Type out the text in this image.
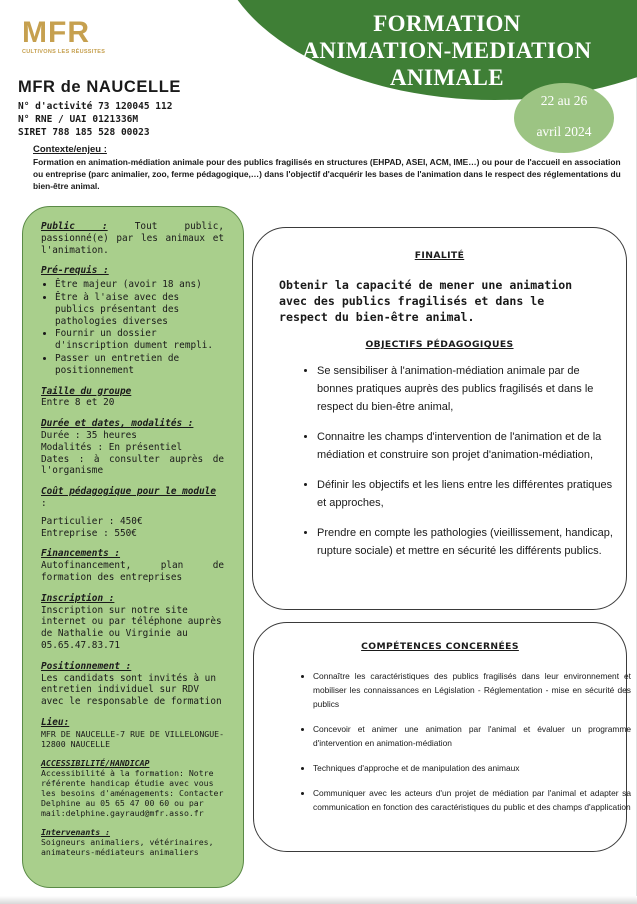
MFR
CULTIVONS LES RÉUSSITES
FORMATION
ANIMATION-MEDIATION
ANIMALE
22 au 26
avril 2024
MFR de NAUCELLE
N° d'activité 73 120045 112
N° RNE / UAI 0121336M
SIRET 788 185 528 00023
Contexte/enjeu :
Formation en animation-médiation animale pour des publics fragilisés en structures (EHPAD, ASEI, ACM, IME…) ou pour de l'accueil en association ou entreprise (parc animalier, zoo, ferme pédagogique,…) dans l'objectif d'acquérir les bases de l'animation dans le respect des réglementations du bien-être animal.
Public :	Tout public, passionné(e) par les animaux et l'animation.
Pré-requis :
• Être majeur (avoir 18 ans)
• Être à l'aise avec des publics présentant des pathologies diverses
• Fournir un dossier d'inscription dument rempli.
• Passer un entretien de positionnement
Taille du groupe
Entre 8 et 20
Durée et dates, modalités :
Durée : 35 heures
Modalités : En présentiel
Dates : à consulter auprès de l'organisme
Coût pédagogique pour le module :
Particulier : 450€
Entreprise : 550€
Financements :
Autofinancement, plan de formation des entreprises
Inscription :
Inscription sur notre site internet ou par téléphone auprès de Nathalie ou Virginie au 05.65.47.83.71
Positionnement :
Les candidats sont invités à un entretien individuel sur RDV avec le responsable de formation
Lieu:
MFR DE NAUCELLE-7 RUE DE VILLELONGUE-12800 NAUCELLE
ACCESSIBILITÉ/HANDICAP
Accessibilité à la formation: Notre référente handicap étudie avec vous les besoins d'aménagements: Contacter Delphine au 05 65 47 00 60 ou par mail:delphine.gayraud@mfr.asso.fr
Intervenants :
Soigneurs animaliers, vétérinaires, animateurs-médiateurs animaliers
FINALITÉ
Obtenir la capacité de mener une animation avec des publics fragilisés et dans le respect du bien-être animal.
OBJECTIFS PÉDAGOGIQUES
• Se sensibiliser à l'animation-médiation animale par de bonnes pratiques auprès des publics fragilisés et dans le respect du bien-être animal,
• Connaitre les champs d'intervention de l'animation et de la médiation et construire son projet d'animation-médiation,
• Définir les objectifs et les liens entre les différentes pratiques et approches,
• Prendre en compte les pathologies (vieillissement, handicap, rupture sociale) et mettre en sécurité les différents publics.
COMPÉTENCES CONCERNÉES
• Connaître les caractéristiques des publics fragilisés dans leur environnement et mobiliser les connaissances en Législation - Réglementation - mise en sécurité des publics
• Concevoir et animer une animation par l'animal et évaluer un programme d'intervention en animation-médiation
• Techniques d'approche et de manipulation des animaux
• Communiquer avec les acteurs d'un projet de médiation par l'animal et adapter sa communication en fonction des caractéristiques du public et des champs d'application
